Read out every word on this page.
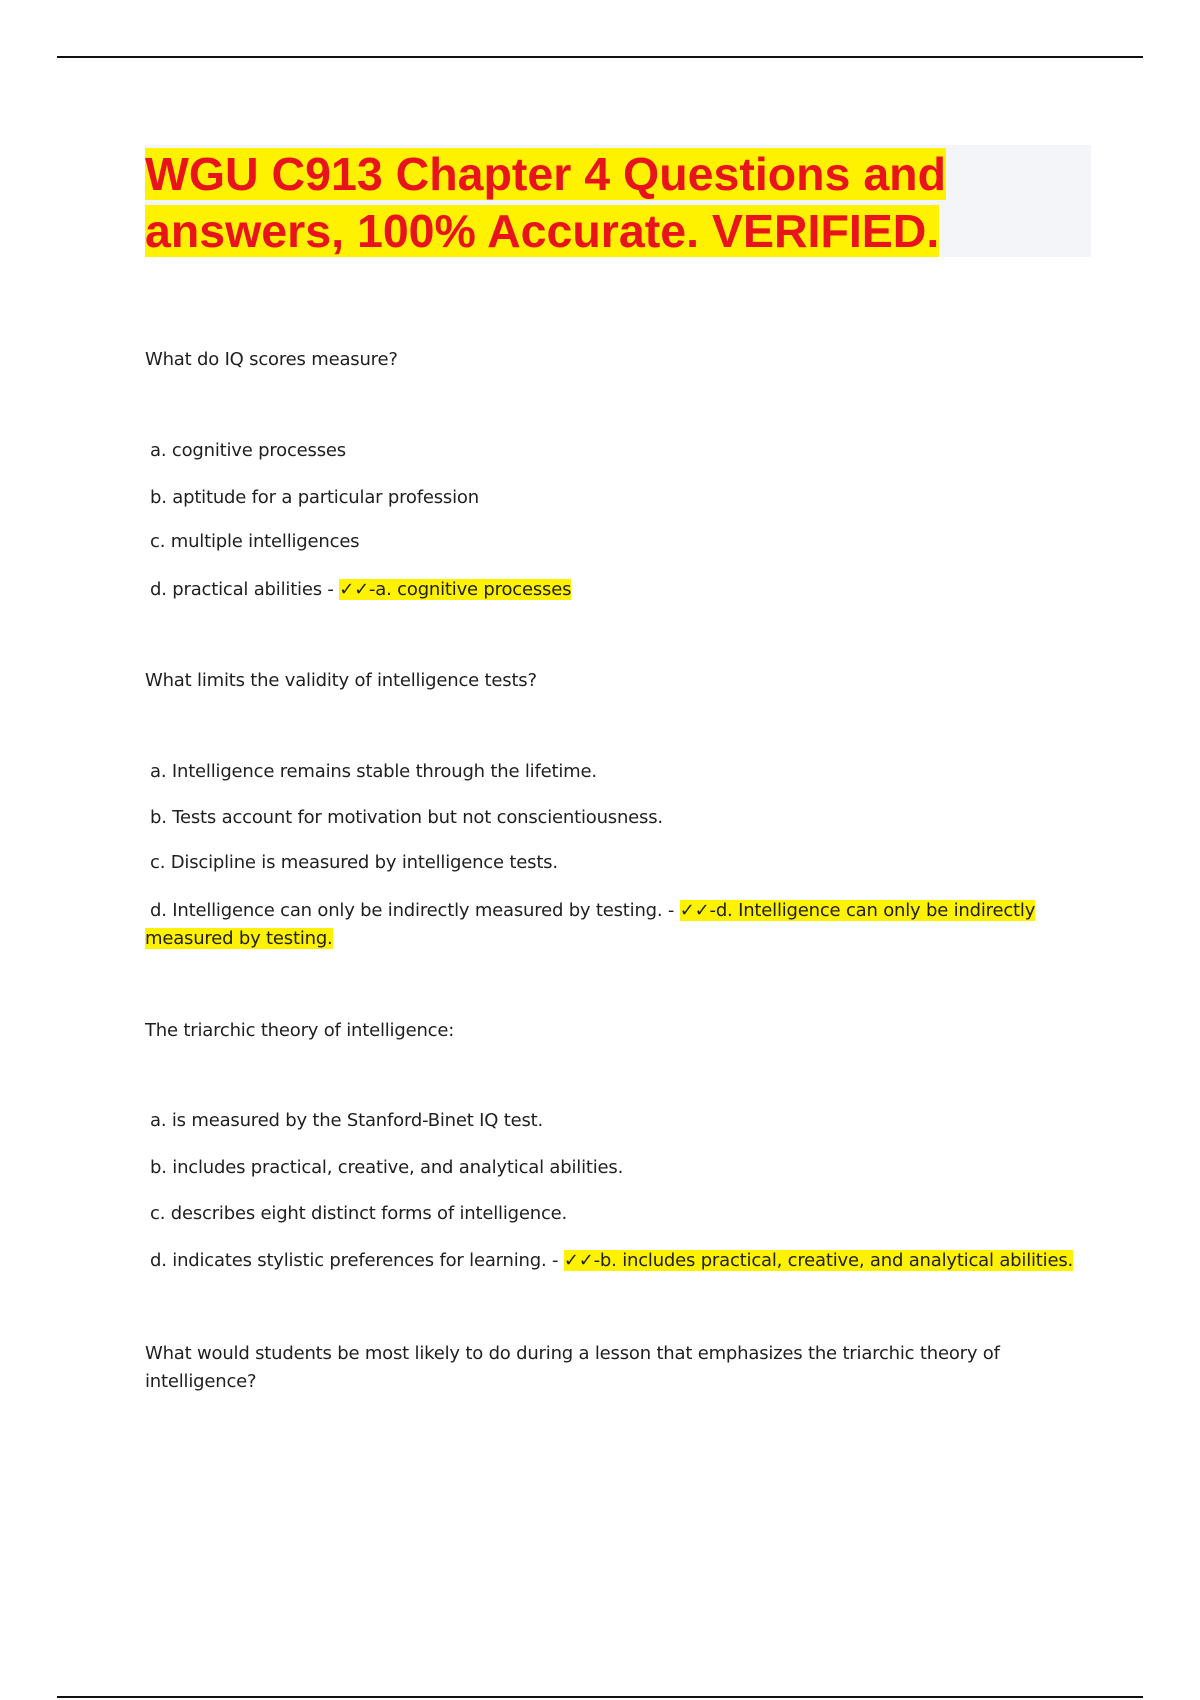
WGU C913 Chapter 4 Questions and
answers, 100% Accurate. VERIFIED.

What do IQ scores measure?

a. cognitive processes

b. aptitude for a particular profession

c. multiple intelligences

d. practical abilities - ✓✓-a. cognitive processes

What limits the validity of intelligence tests?

a. Intelligence remains stable through the lifetime.

b. Tests account for motivation but not conscientiousness.

c. Discipline is measured by intelligence tests.

d. Intelligence can only be indirectly measured by testing. - ✓✓-d. Intelligence can only be indirectly measured by testing.

The triarchic theory of intelligence:

a. is measured by the Stanford-Binet IQ test.

b. includes practical, creative, and analytical abilities.

c. describes eight distinct forms of intelligence.

d. indicates stylistic preferences for learning. - ✓✓-b. includes practical, creative, and analytical abilities.

What would students be most likely to do during a lesson that emphasizes the triarchic theory of intelligence?
